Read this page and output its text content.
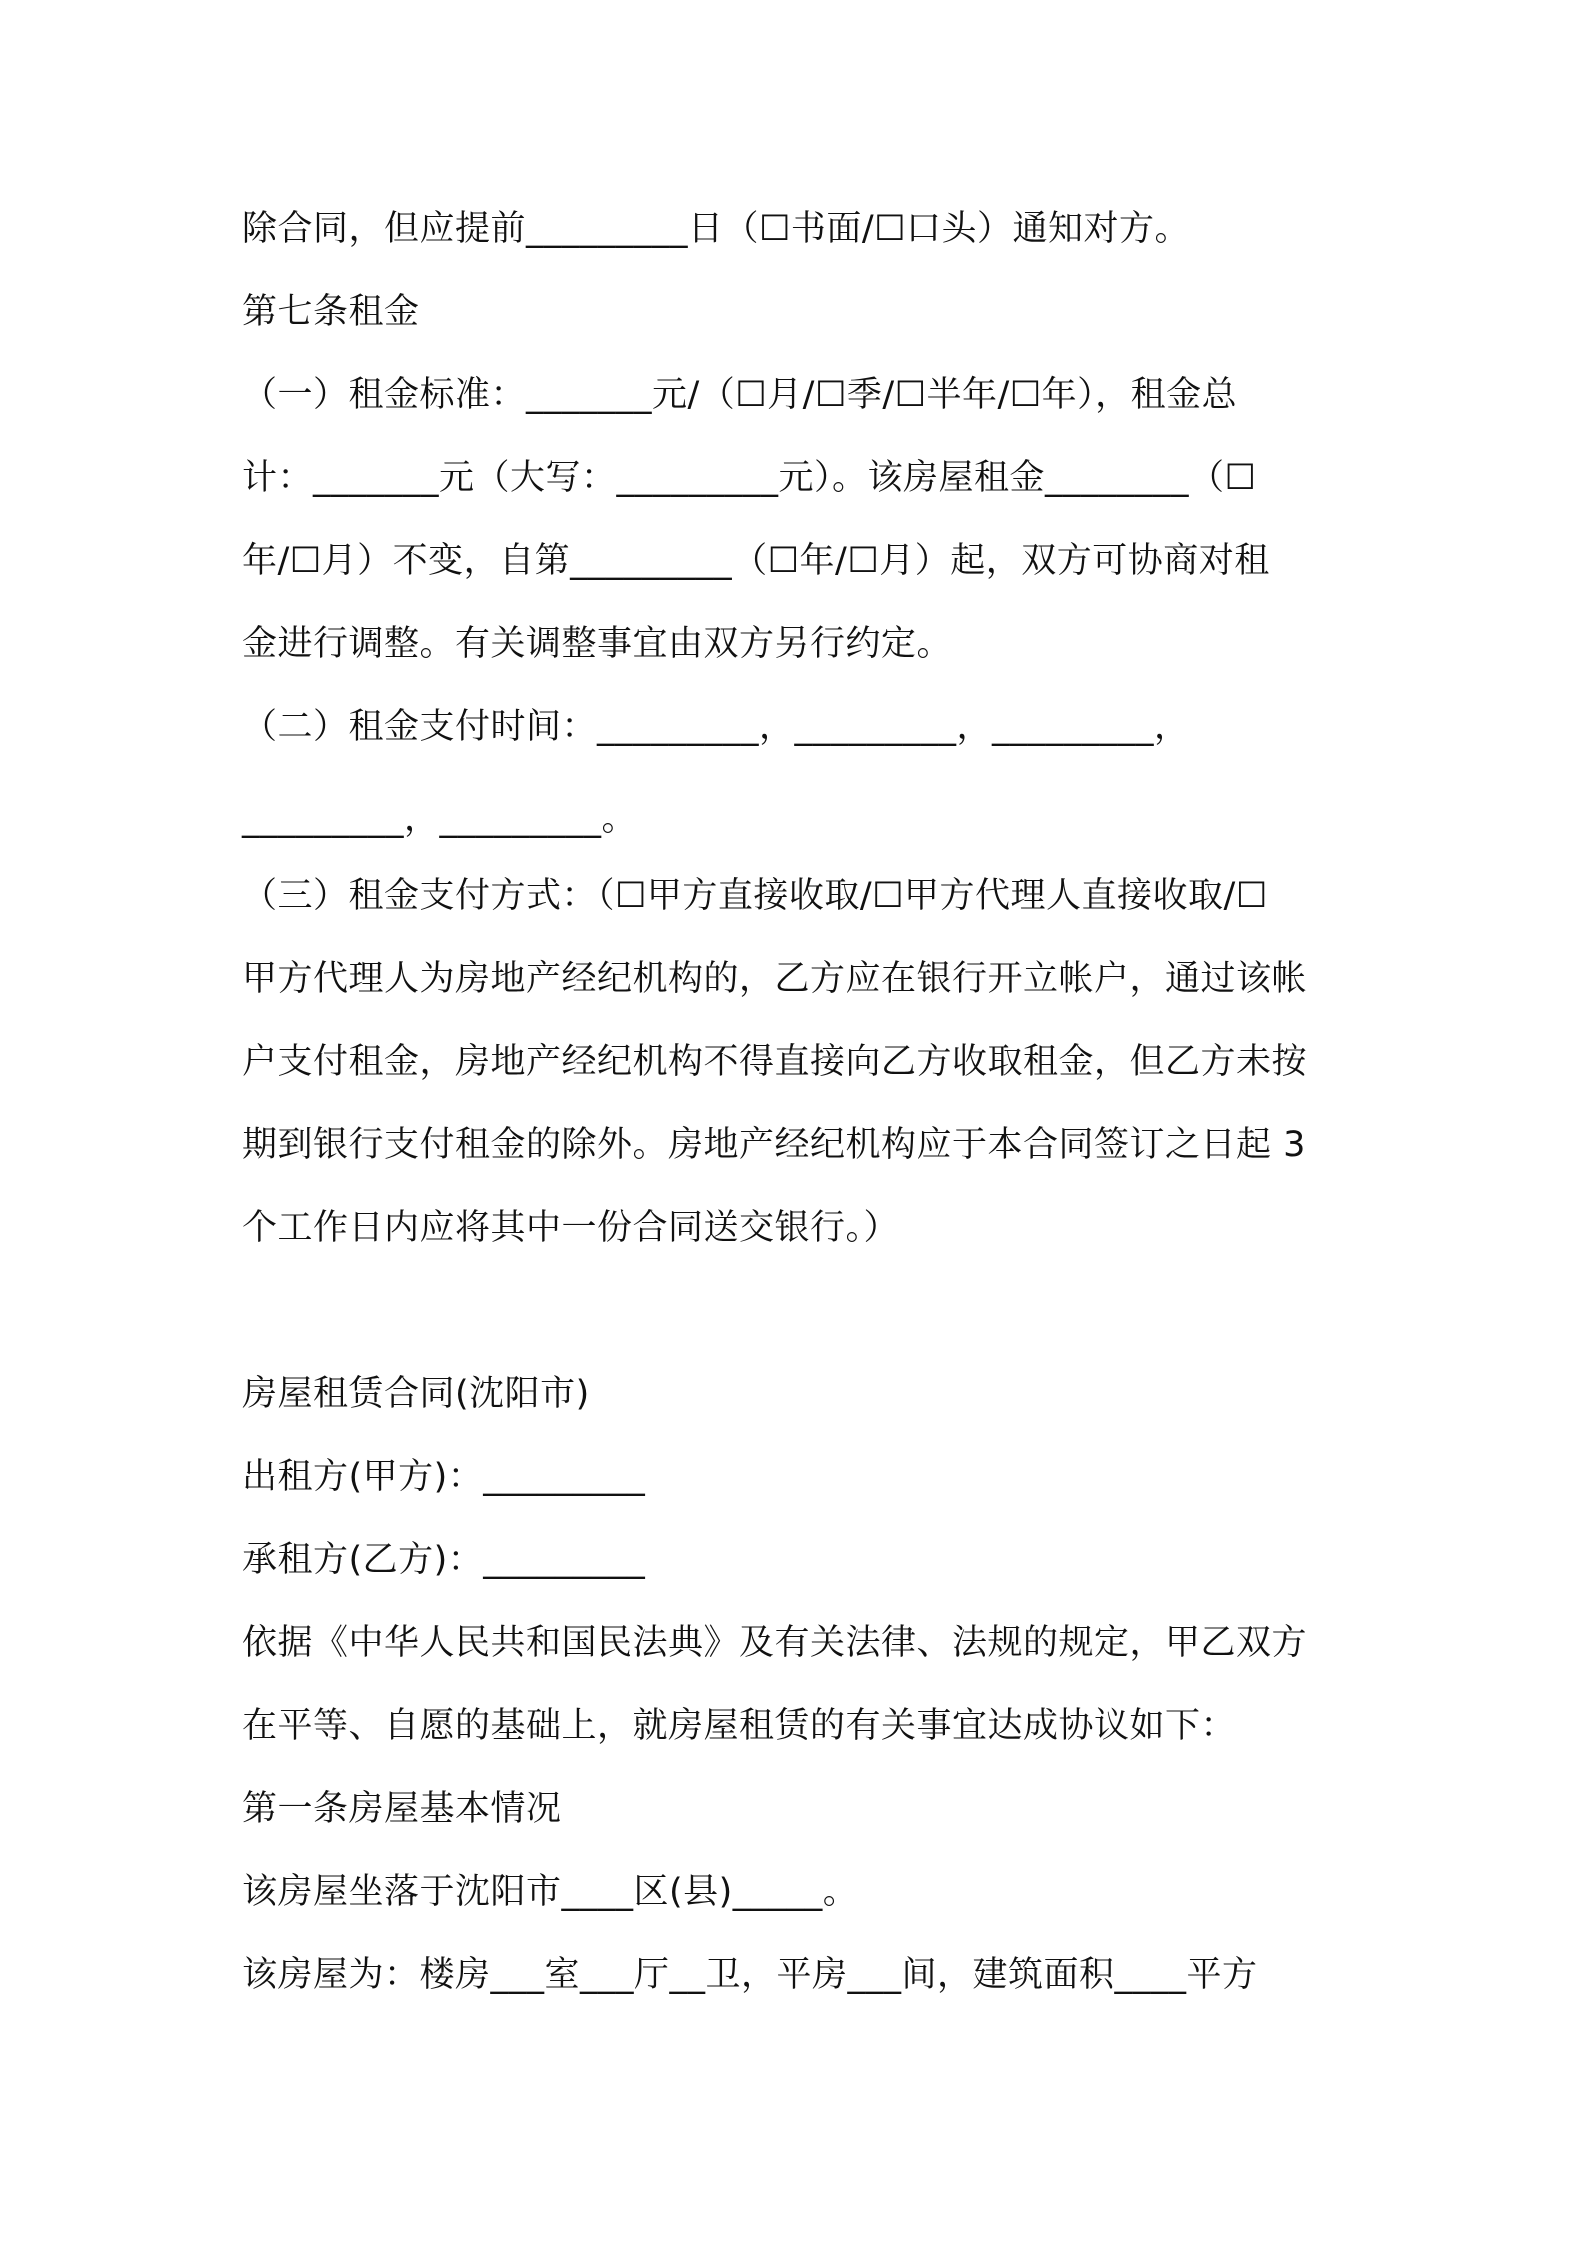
除合同，但应提前_________日（☐书面/☐口头）通知对方。
第七条租金
（一）租金标准：_______元/（☐月/☐季/☐半年/☐年），租金总
计：_______元（大写：_________元）。该房屋租金________（☐
年/☐月）不变，自第_________（☐年/☐月）起，双方可协商对租
金进行调整。有关调整事宜由双方另行约定。
（二）租金支付时间：_________，_________，_________，
_________，_________。
（三）租金支付方式：（☐甲方直接收取/☐甲方代理人直接收取/☐
甲方代理人为房地产经纪机构的，乙方应在银行开立帐户，通过该帐
户支付租金，房地产经纪机构不得直接向乙方收取租金，但乙方未按
期到银行支付租金的除外。房地产经纪机构应于本合同签订之日起 3
个工作日内应将其中一份合同送交银行。）
房屋租赁合同(沈阳市)
出租方(甲方)：_________
承租方(乙方)：_________
依据《中华人民共和国民法典》及有关法律、法规的规定，甲乙双方
在平等、自愿的基础上，就房屋租赁的有关事宜达成协议如下：
第一条房屋基本情况
该房屋坐落于沈阳市____区(县)_____。
该房屋为：楼房___室___厅__卫，平房___间，建筑面积____平方
